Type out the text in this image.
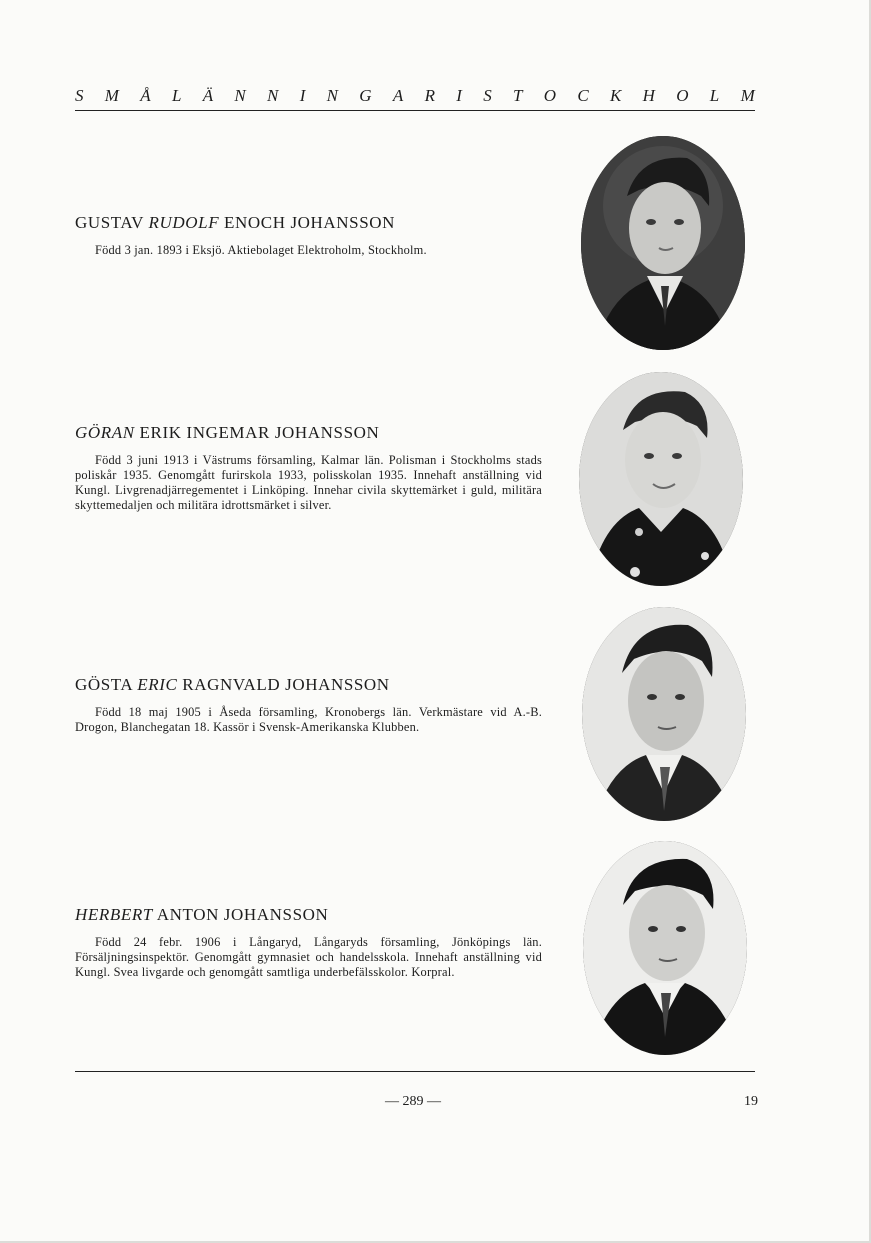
S M Å L Ä N N I N G A R I S T O C K H O L M
GUSTAV RUDOLF ENOCH JOHANSSON

Född 3 jan. 1893 i Eksjö. Aktiebolaget Elektroholm, Stockholm.

GÖRAN ERIK INGEMAR JOHANSSON

Född 3 juni 1913 i Västrums församling, Kalmar län. Polisman i Stockholms stads poliskår 1935. Genomgått furirskola 1933, polisskolan 1935. Innehaft anställning vid Kungl. Livgrenadjärregementet i Linköping. Innehar civila skyttemärket i guld, militära skyttemedaljen och militära idrottsmärket i silver.

GÖSTA ERIC RAGNVALD JOHANSSON

Född 18 maj 1905 i Åseda församling, Kronobergs län. Verkmästare vid A.-B. Drogon, Blanchegatan 18. Kassör i Svensk-Amerikanska Klubben.

HERBERT ANTON JOHANSSON

Född 24 febr. 1906 i Långaryd, Långaryds församling, Jönköpings län. Försäljningsinspektör. Genomgått gymnasiet och handelsskola. Innehaft anställning vid Kungl. Svea livgarde och genomgått samtliga underbefälsskolor. Korpral.

— 289 —	19
